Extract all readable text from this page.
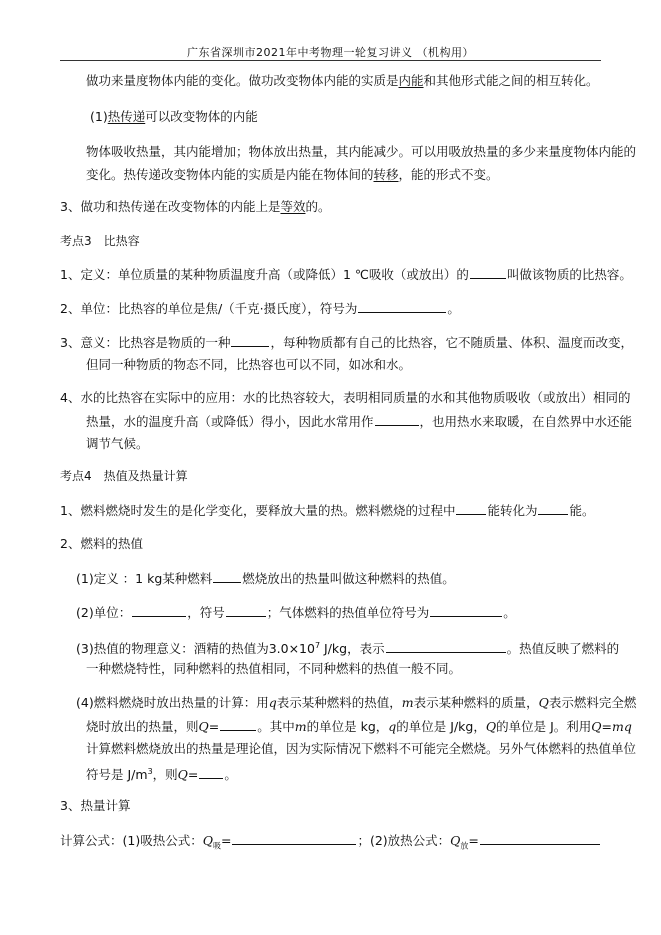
广东省深圳市2021年中考物理一轮复习讲义 （机构用）
做功来量度物体内能的变化。做功改变物体内能的实质是内能和其他形式能之间的相互转化。
(1)热传递可以改变物体的内能
物体吸收热量，其内能增加；物体放出热量，其内能减少。可以用吸放热量的多少来量度物体内能的
变化。热传递改变物体内能的实质是内能在物体间的转移，能的形式不变。
3、做功和热传递在改变物体的内能上是等效的。
考点3　比热容
1、定义：单位质量的某种物质温度升高（或降低）1 ℃吸收（或放出）的	叫做该物质的比热容。
2、单位：比热容的单位是焦/（千克·摄氏度），符号为	。
3、意义：比热容是物质的一种	，每种物质都有自己的比热容，它不随质量、体积、温度而改变，
但同一种物质的物态不同，比热容也可以不同，如冰和水。
4、水的比热容在实际中的应用：水的比热容较大，表明相同质量的水和其他物质吸收（或放出）相同的
热量，水的温度升高（或降低）得小，因此水常用作	，也用热水来取暖，在自然界中水还能
调节气候。
考点4　热值及热量计算
1、燃料燃烧时发生的是化学变化，要释放大量的热。燃料燃烧的过程中	能转化为	能。
2、燃料的热值
(1)定义 ：1 kg某种燃料 燃烧放出的热量叫做这种燃料的热值。
(2)单位：	，符号	；气体燃料的热值单位符号为	。
(3)热值的物理意义：酒精的热值为$3.0\times 10^7$ J/kg，表示	。热值反映了燃料的
一种燃烧特性，同种燃料的热值相同，不同种燃料的热值一般不同。
(4)燃料燃烧时放出热量的计算：用q表示某种燃料的热值，m表示某种燃料的质量，Q表示燃料完全燃
烧时放出的热量，则Q=	。其中m的单位是 kg，q的单位是 J/kg，Q的单位是 J。利用Q=mq
计算燃料燃烧放出的热量是理论值，因为实际情况下燃料不可能完全燃烧。另外气体燃料的热值单位
符号是 $J/m^3$，则Q= 。
3、热量计算
计算公式：(1)吸热公式：$Q_吸=$	；(2)放热公式：$Q_放=$
